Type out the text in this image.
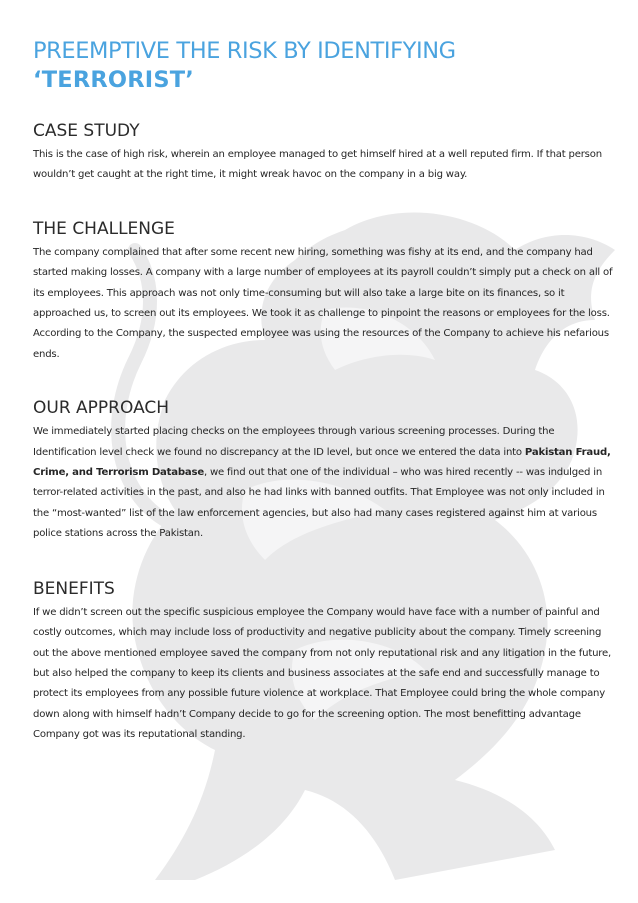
PREEMPTIVE THE RISK BY IDENTIFYING
‘TERRORIST’
CASE STUDY

This is the case of high risk, wherein an employee managed to get himself hired at a well reputed firm. If that person wouldn’t get caught at the right time, it might wreak havoc on the company in a big way.

THE CHALLENGE

The company complained that after some recent new hiring, something was fishy at its end, and the company had started making losses. A company with a large number of employees at its payroll couldn’t simply put a check on all of its employees. This approach was not only time-consuming but will also take a large bite on its finances, so it approached us, to screen out its employees. We took it as challenge to pinpoint the reasons or employees for the loss. According to the Company, the suspected employee was using the resources of the Company to achieve his nefarious ends.

OUR APPROACH

We immediately started placing checks on the employees through various screening processes. During the Identification level check we found no discrepancy at the ID level, but once we entered the data into Pakistan Fraud, Crime, and Terrorism Database, we find out that one of the individual – who was hired recently -- was indulged in terror-related activities in the past, and also he had links with banned outfits. That Employee was not only included in the “most-wanted” list of the law enforcement agencies, but also had many cases registered against him at various police stations across the Pakistan.

BENEFITS

If we didn’t screen out the specific suspicious employee the Company would have face with a number of painful and costly outcomes, which may include loss of productivity and negative publicity about the company. Timely screening out the above mentioned employee saved the company from not only reputational risk and any litigation in the future, but also helped the company to keep its clients and business associates at the safe end and successfully manage to protect its employees from any possible future violence at workplace. That Employee could bring the whole company down along with himself hadn’t Company decide to go for the screening option. The most benefitting advantage Company got was its reputational standing.
